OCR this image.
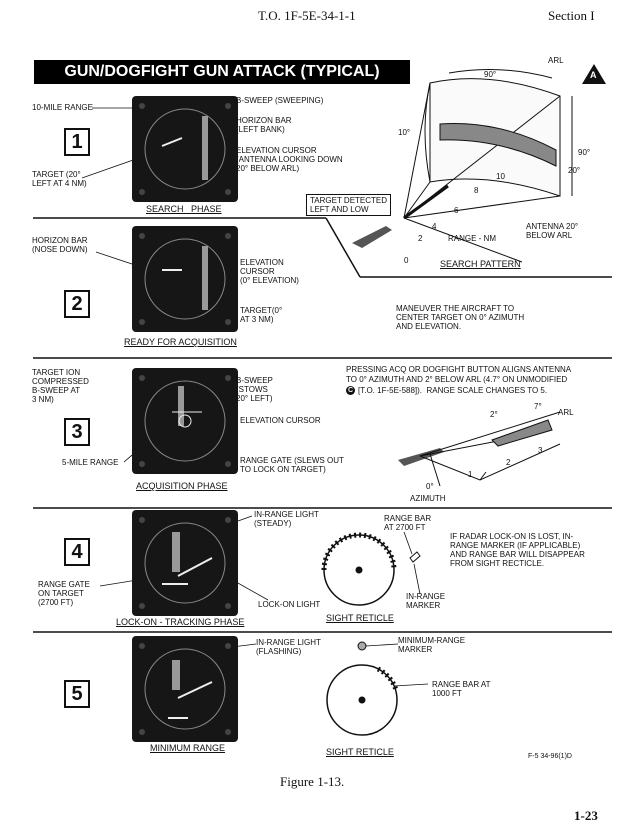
T.O. 1F-5E-34-1-1	Section I
GUN/DOGFIGHT GUN ATTACK (TYPICAL)
1
2
3
4
5
A
10-MILE RANGE
B-SWEEP (SWEEPING)
HORIZON BAR
(LEFT BANK)
ELEVATION CURSOR
(ANTENNA LOOKING DOWN
20° BELOW ARL)
TARGET (20°
LEFT AT 4 NM)
SEARCH   PHASE
TARGET DETECTED
LEFT AND LOW
90°
ARL
10°
90°
20°
RANGE - NM
ANTENNA 20°
BELOW ARL
SEARCH PATTERN
0
2
4
6
8
10
HORIZON BAR
(NOSE DOWN)
ELEVATION
CURSOR
(0° ELEVATION)
TARGET(0°
AT 3 NM)
READY FOR ACQUISITION
MANEUVER THE AIRCRAFT TO
CENTER TARGET ON 0° AZIMUTH
AND ELEVATION.
TARGET ION
COMPRESSED
B-SWEEP AT
3 NM)
B-SWEEP
(STOWS
20° LEFT)
ELEVATION CURSOR
5-MILE RANGE	RANGE GATE (SLEWS OUT
TO LOCK ON TARGET)
ACQUISITION PHASE
PRESSING ACQ OR DOGFIGHT BUTTON ALIGNS ANTENNA
TO 0° AZIMUTH AND 2° BELOW ARL (4.7° ON UNMODIFIED
[T.O. 1F-5E-588]).  RANGE SCALE CHANGES TO 5.
C
2°
7°
ARL
AZIMUTH
0°
1
2
3
IN-RANGE LIGHT
(STEADY)
RANGE BAR
AT 2700 FT
IF RADAR LOCK-ON IS LOST, IN-
RANGE MARKER (IF APPLICABLE)
AND RANGE BAR WILL DISAPPEAR
FROM SIGHT RECTICLE.
RANGE GATE
ON TARGET
(2700 FT)	LOCK-ON LIGHT
IN-RANGE
MARKER
LOCK-ON - TRACKING PHASE	SIGHT RETICLE
IN-RANGE LIGHT
(FLASHING)
MINIMUM-RANGE
MARKER
RANGE BAR AT
1000 FT
MINIMUM RANGE	SIGHT RETICLE	F-5 34-96(1)D
Figure 1-13.
1-23
